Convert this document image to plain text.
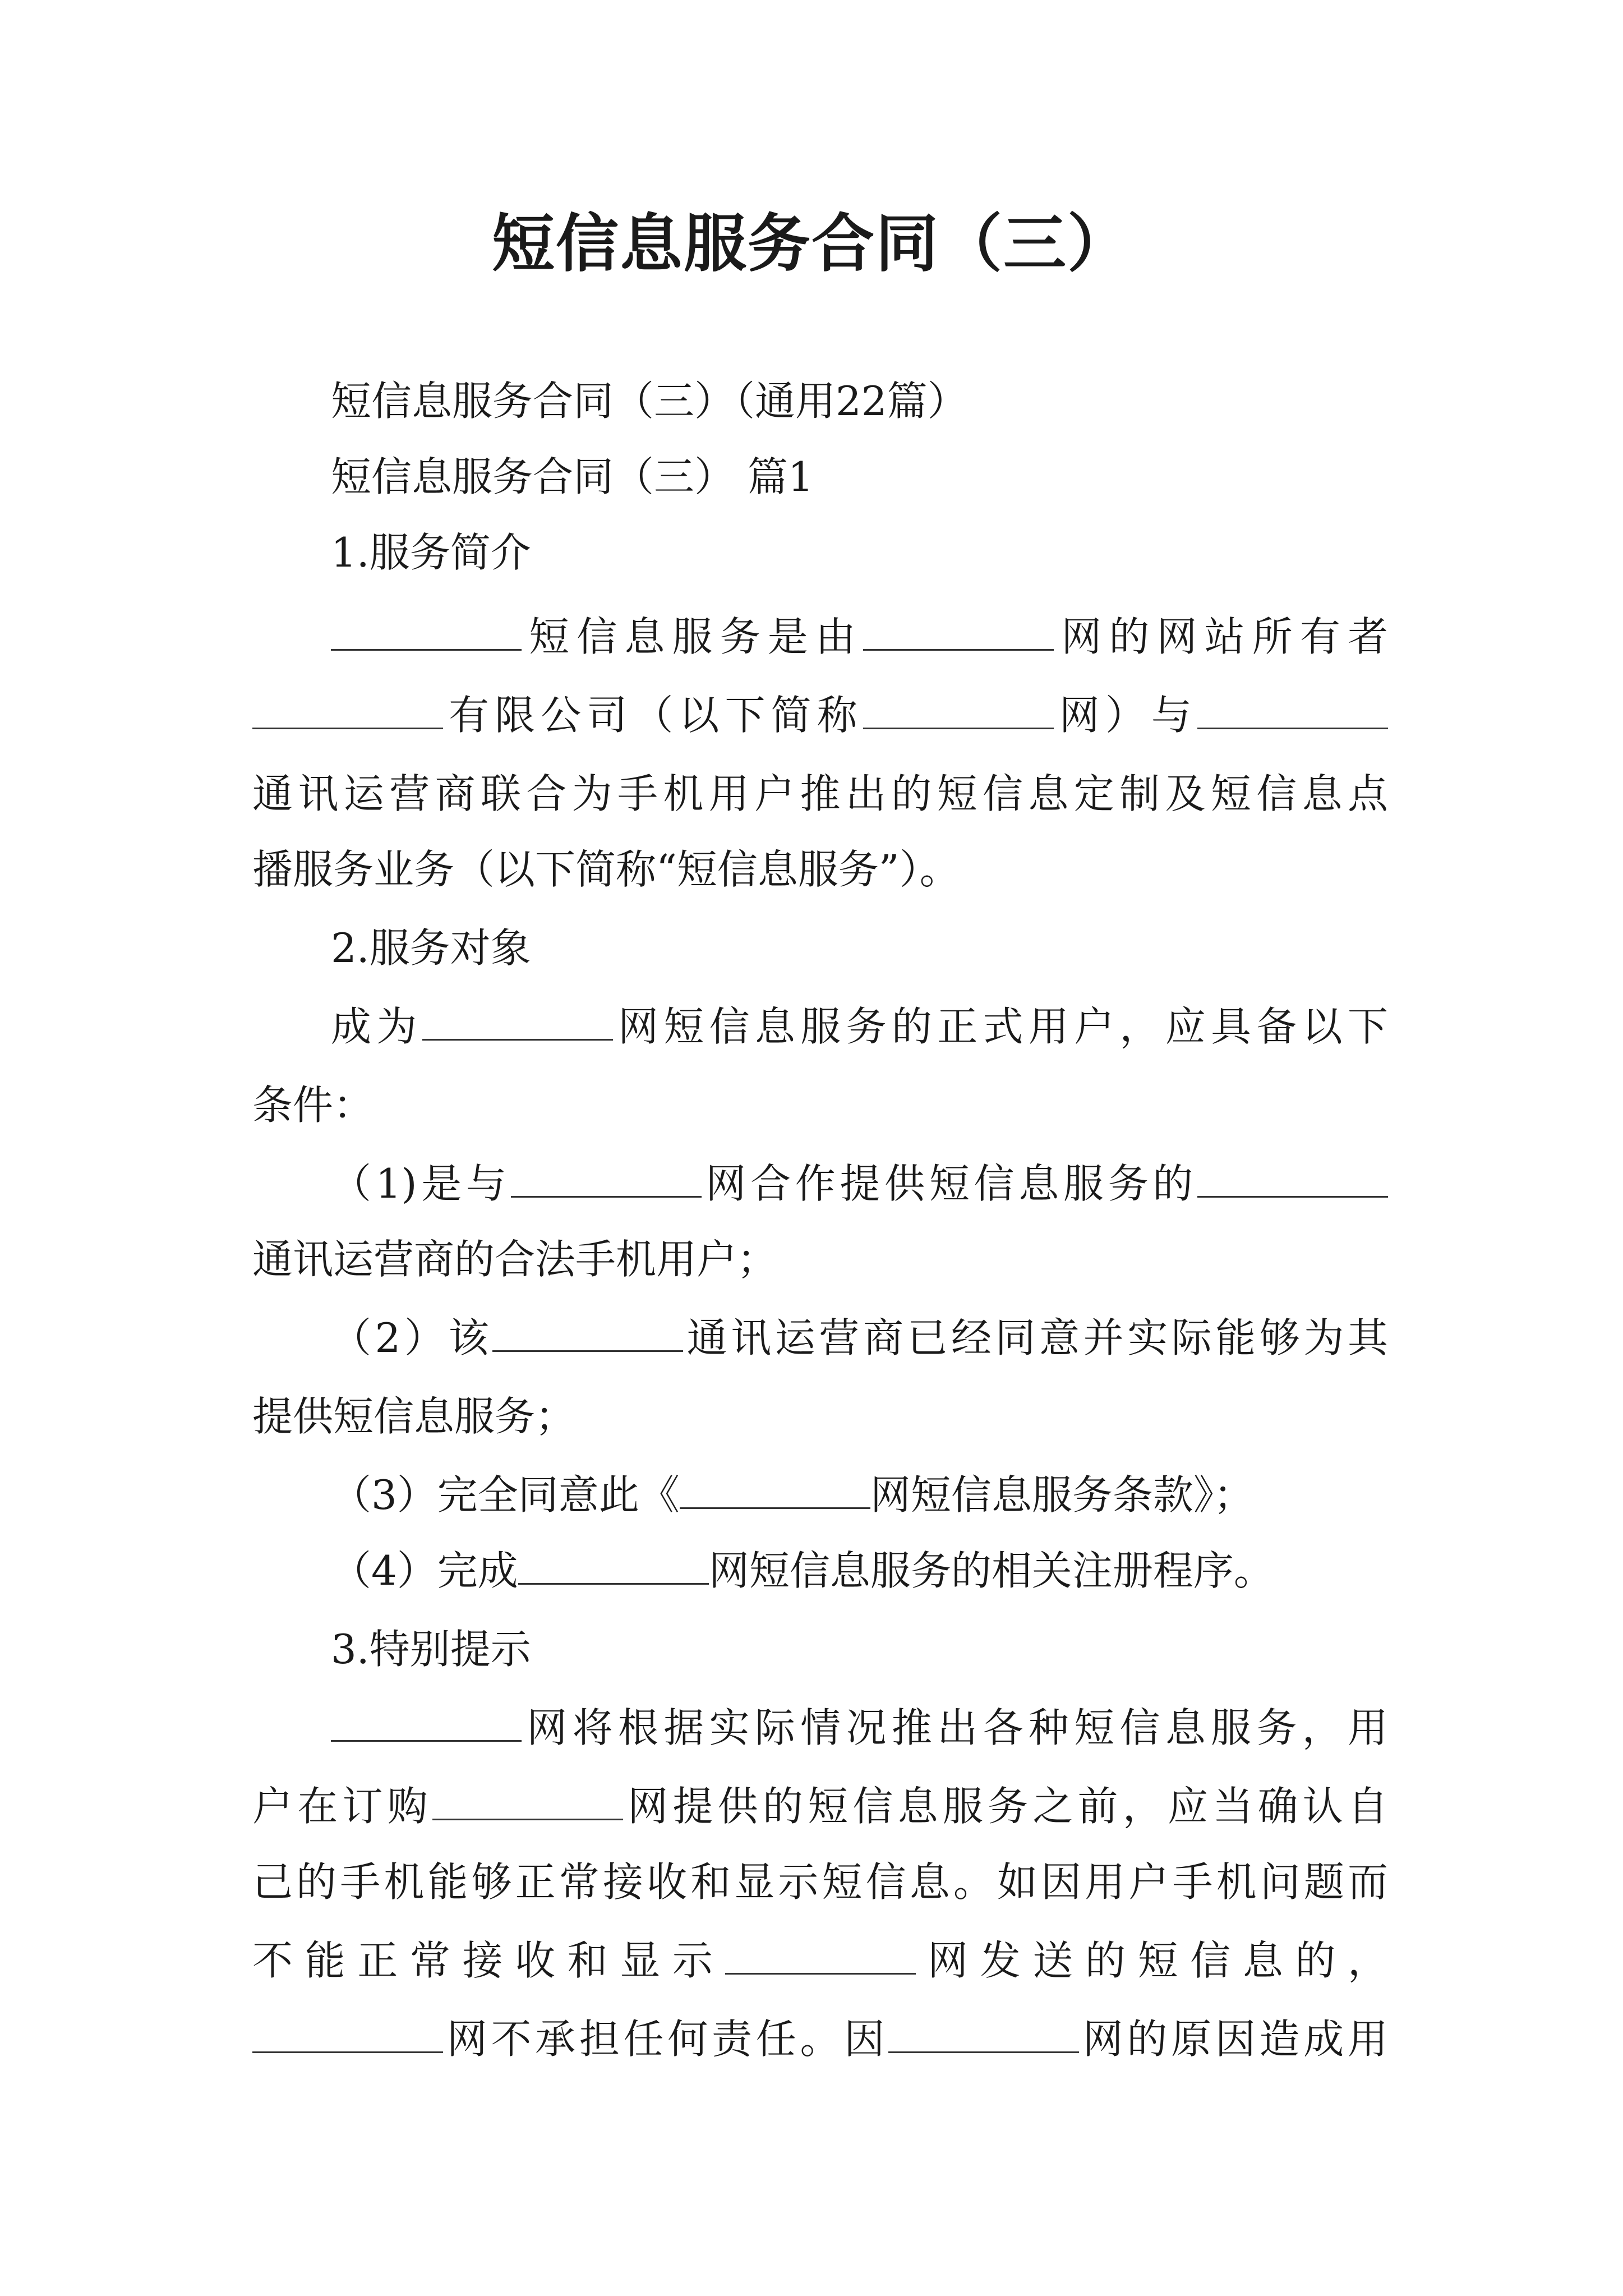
短信息服务合同（三）
短信息服务合同（三）（通用22篇）
短信息服务合同（三） 篇1
1.服务简介
短信息服务是由	网的网站所有者
有限公司（以下简称	网）与
通讯运营商联合为手机用户推出的短信息定制及短信息点
播服务业务（以下简称“短信息服务”）。
2.服务对象
成为	网短信息服务的正式用户，应具备以下
条件：
（1)是与	网合作提供短信息服务的
通讯运营商的合法手机用户；
（2）该	通讯运营商已经同意并实际能够为其
提供短信息服务；
（3）完全同意此《	网短信息服务条款》；
（4）完成	网短信息服务的相关注册程序。
3.特别提示
网将根据实际情况推出各种短信息服务，用
户在订购	网提供的短信息服务之前，应当确认自
己的手机能够正常接收和显示短信息。如因用户手机问题而
不能正常接收和显示	网发送的短信息的，
网不承担任何责任。因	网的原因造成用
